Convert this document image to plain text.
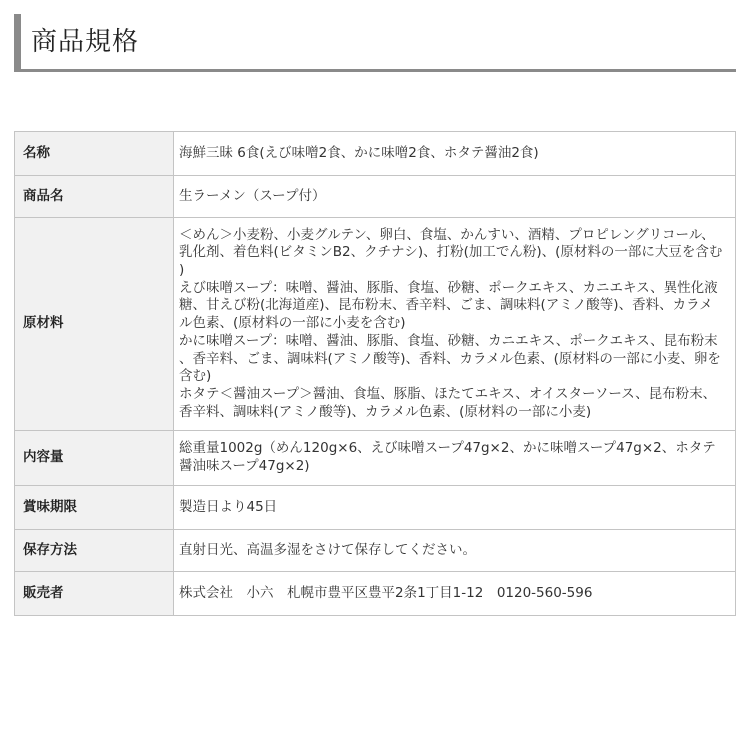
商品規格
名称	海鮮三昧 6食(えび味噌2食、かに味噌2食、ホタテ醤油2食)
商品名	生ラーメン（スープ付）
原材料	＜めん＞小麦粉、小麦グルテン、卵白、食塩、かんすい、酒精、プロピレングリコール、乳化剤、着色料(ビタミンB2、クチナシ)、打粉(加工でん粉)、(原材料の一部に大豆を含む)
えび味噌スープ：味噌、醤油、豚脂、食塩、砂糖、ポークエキス、カニエキス、異性化液糖、甘えび粉(北海道産)、昆布粉末、香辛料、ごま、調味料(アミノ酸等)、香料、カラメル色素、(原材料の一部に小麦を含む)
かに味噌スープ：味噌、醤油、豚脂、食塩、砂糖、カニエキス、ポークエキス、昆布粉末、香辛料、ごま、調味料(アミノ酸等)、香料、カラメル色素、(原材料の一部に小麦、卵を含む)
ホタテ＜醤油スープ＞醤油、食塩、豚脂、ほたてエキス、オイスターソース、昆布粉末、香辛料、調味料(アミノ酸等)、カラメル色素、(原材料の一部に小麦)

内容量	総重量1002g（めん120g×6、えび味噌スープ47g×2、かに味噌スープ47g×2、ホタテ醤油味スープ47g×2)
賞味期限	製造日より45日
保存方法	直射日光、高温多湿をさけて保存してください。
販売者	株式会社　小六　札幌市豊平区豊平2条1丁目1-12　0120-560-596
